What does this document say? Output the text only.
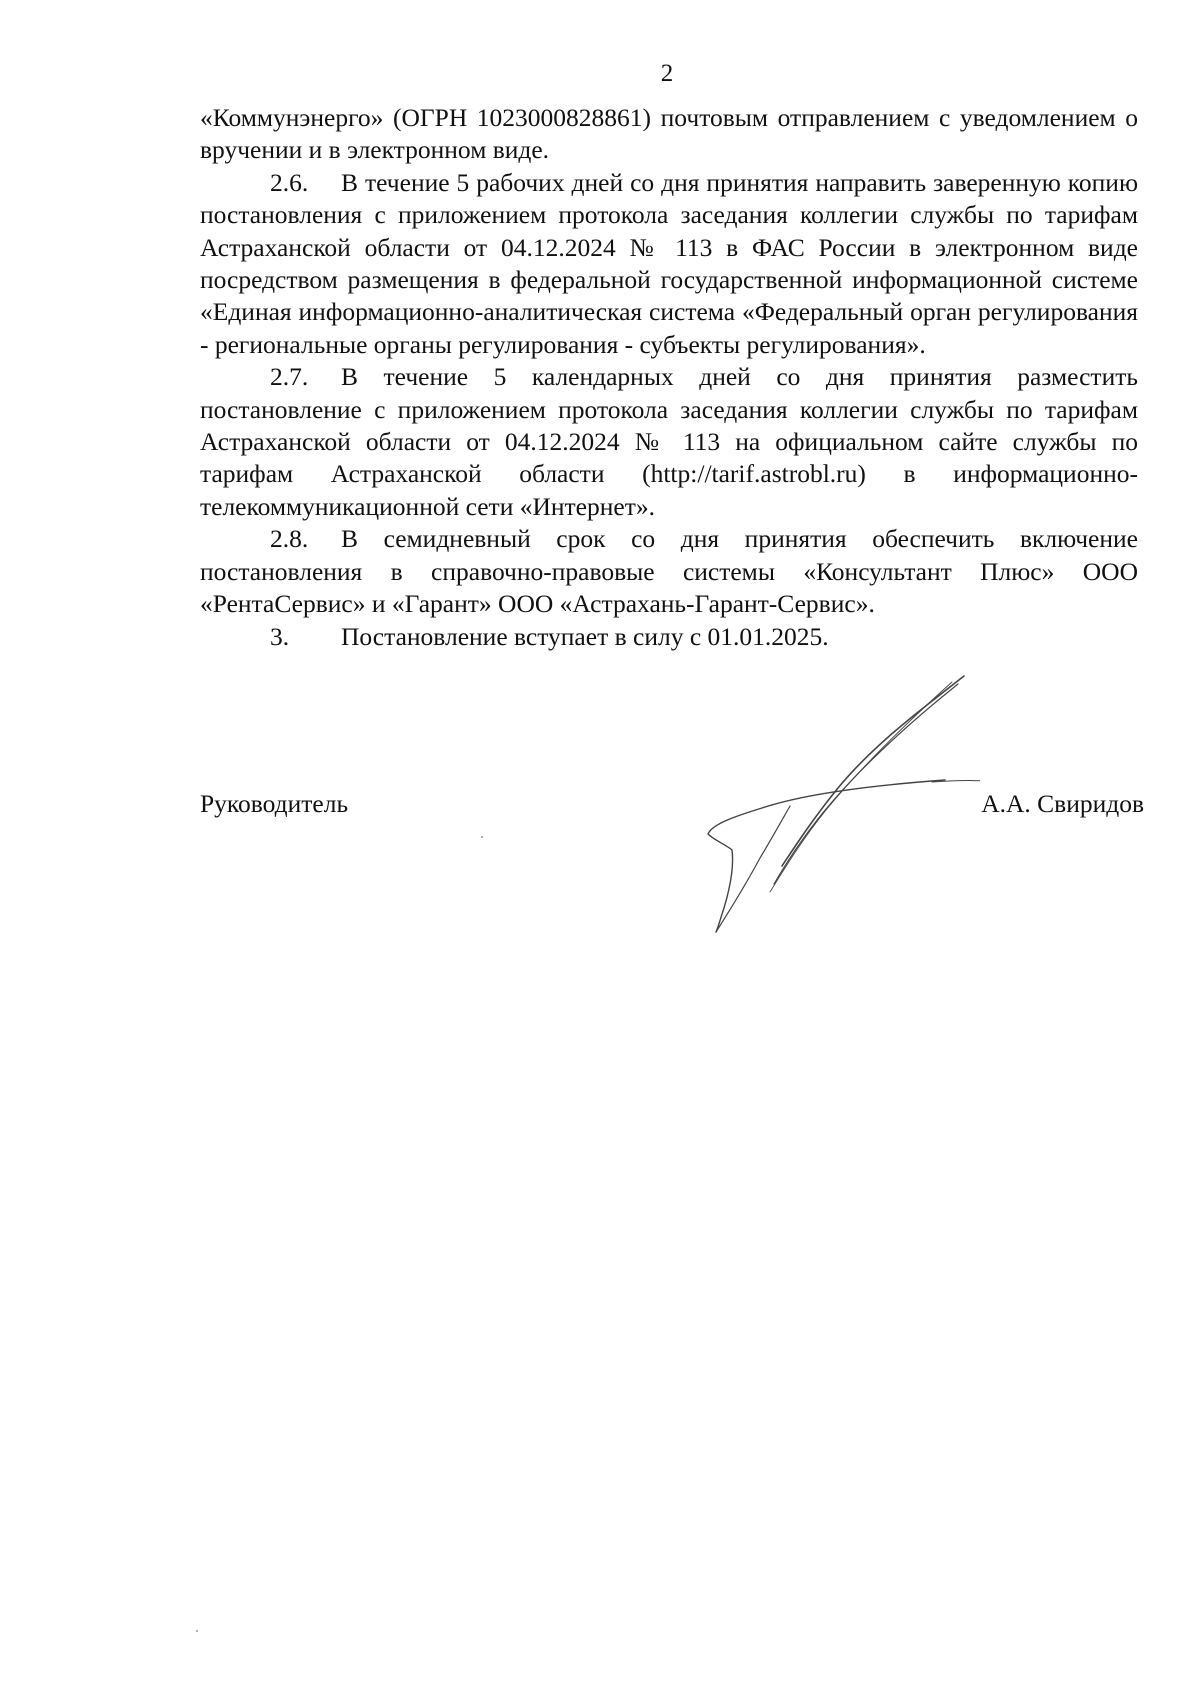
2

«Коммунэнерго» (ОГРН 1023000828861) почтовым отправлением с уведомлением о вручении и в электронном виде.

2.6. В течение 5 рабочих дней со дня принятия направить заверенную копию постановления с приложением протокола заседания коллегии службы по тарифам Астраханской области от 04.12.2024 № 113 в ФАС России в электронном виде посредством размещения в федеральной государственной информационной системе «Единая информационно-аналитическая система «Федеральный орган регулирования - региональные органы регулирования - субъекты регулирования».

2.7. В течение 5 календарных дней со дня принятия разместить постановление с приложением протокола заседания коллегии службы по тарифам Астраханской области от 04.12.2024 № 113 на официальном сайте службы по тарифам Астраханской области (http://tarif.astrobl.ru) в информационно-телекоммуникационной сети «Интернет».

2.8. В семидневный срок со дня принятия обеспечить включение постановления в справочно-правовые системы «Консультант Плюс» ООО «РентаСервис» и «Гарант» ООО «Астрахань-Гарант-Сервис».

3. Постановление вступает в силу с 01.01.2025.

Руководитель	А.А. Свиридов
